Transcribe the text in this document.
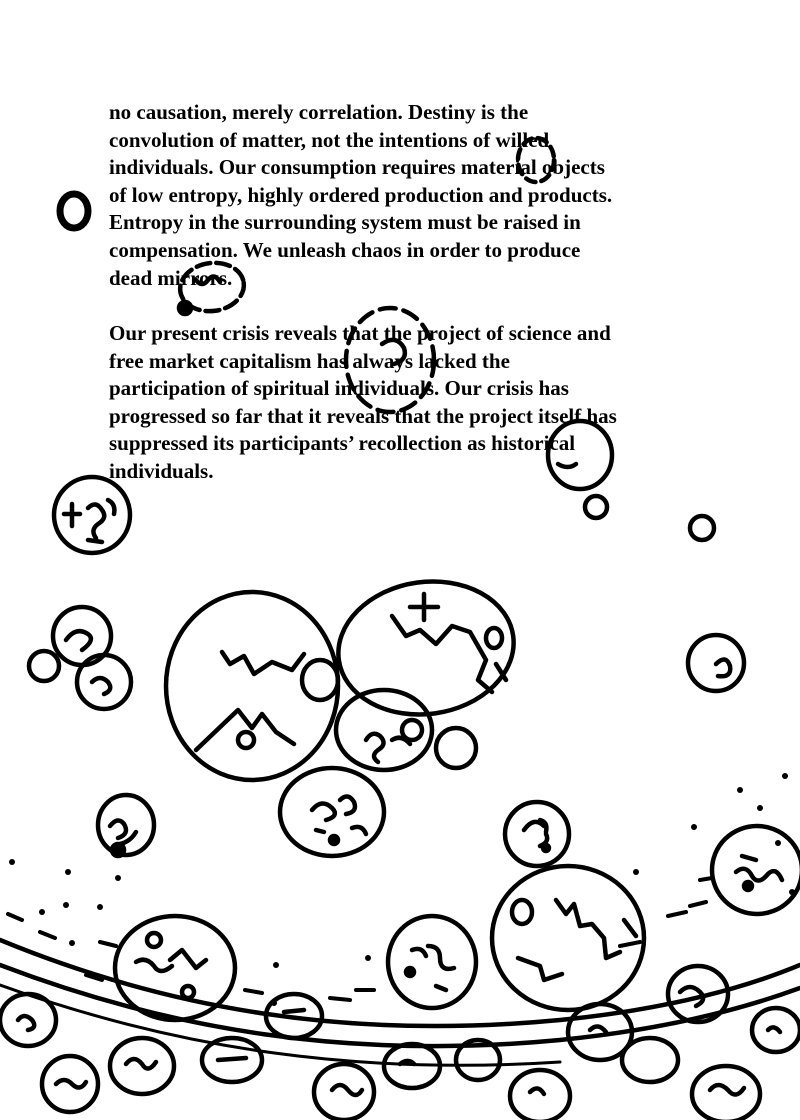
no causation, merely correlation. Destiny is the
convolution of matter, not the intentions of willed
individuals. Our consumption requires material objects
of low entropy, highly ordered production and products.
Entropy in the surrounding system must be raised in
compensation. We unleash chaos in order to produce
dead mirrors.
Our present crisis reveals that the project of science and
free market capitalism has always lacked the
participation of spiritual individuals. Our crisis has
progressed so far that it reveals that the project itself has
suppressed its participants’ recollection as historical
individuals.
